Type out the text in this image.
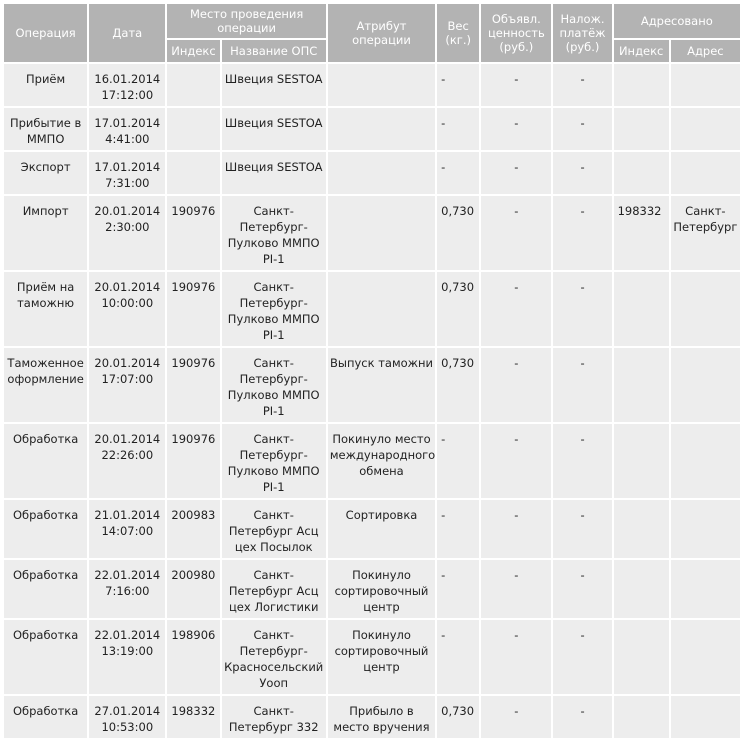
Операция	Дата	Место проведения операции		Атрибут операции	Вес (кг.)	Объявл. ценность (руб.)	Налож. платёж (руб.)	Адресовано	
		Индекс	Название ОПС					Индекс	Адрес
Приём	16.01.2014 17:12:00		Швеция SESTOA		-	-	-		
Прибытие в ММПО	17.01.2014 4:41:00		Швеция SESTOA		-	-	-		
Экспорт	17.01.2014 7:31:00		Швеция SESTOA		-	-	-		
Импорт	20.01.2014 2:30:00	190976	Санкт-Петербург-Пулково ММПО PI-1		0,730	-	-	198332	Санкт-Петербург
Приём на таможню	20.01.2014 10:00:00	190976	Санкт-Петербург-Пулково ММПО PI-1		0,730	-	-		
Таможенное оформление	20.01.2014 17:07:00	190976	Санкт-Петербург-Пулково ММПО PI-1	Выпуск таможни	0,730	-	-		
Обработка	20.01.2014 22:26:00	190976	Санкт-Петербург-Пулково ММПО PI-1	Покинуло место международного обмена	-	-	-		
Обработка	21.01.2014 14:07:00	200983	Санкт-Петербург Асц цех Посылок	Сортировка	-	-	-		
Обработка	22.01.2014 7:16:00	200980	Санкт-Петербург Асц цех Логистики	Покинуло сортировочный центр	-	-	-		
Обработка	22.01.2014 13:19:00	198906	Санкт-Петербург-Красносельский Уооп	Покинуло сортировочный центр	-	-	-		
Обработка	27.01.2014 10:53:00	198332	Санкт-Петербург 332	Прибыло в место вручения	0,730	-	-		
